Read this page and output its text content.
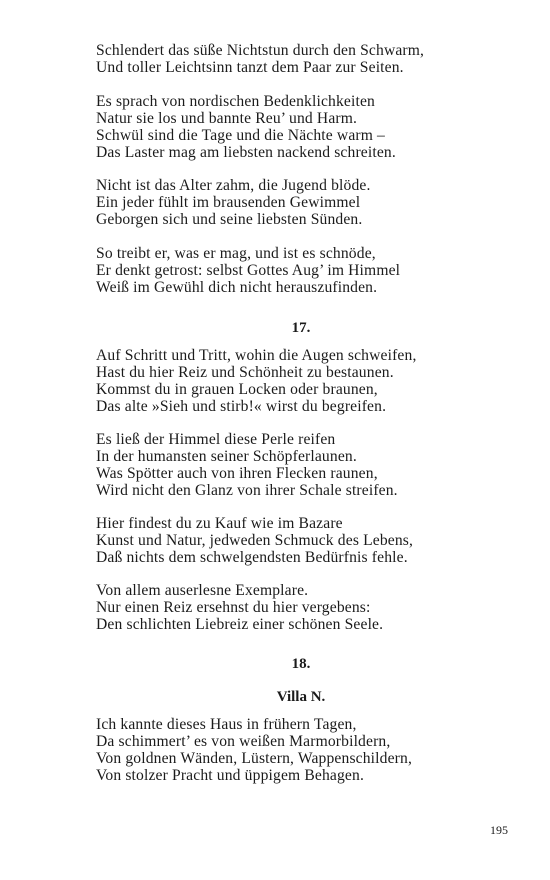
Schlendert das süße Nichtstun durch den Schwarm,
Und toller Leichtsinn tanzt dem Paar zur Seiten.
Es sprach von nordischen Bedenklichkeiten
Natur sie los und bannte Reu’ und Harm.
Schwül sind die Tage und die Nächte warm –
Das Laster mag am liebsten nackend schreiten.
Nicht ist das Alter zahm, die Jugend blöde.
Ein jeder fühlt im brausenden Gewimmel
Geborgen sich und seine liebsten Sünden.
So treibt er, was er mag, und ist es schnöde,
Er denkt getrost: selbst Gottes Aug’ im Himmel
Weiß im Gewühl dich nicht herauszufinden.
17.
Auf Schritt und Tritt, wohin die Augen schweifen,
Hast du hier Reiz und Schönheit zu bestaunen.
Kommst du in grauen Locken oder braunen,
Das alte »Sieh und stirb!« wirst du begreifen.
Es ließ der Himmel diese Perle reifen
In der humansten seiner Schöpferlaunen.
Was Spötter auch von ihren Flecken raunen,
Wird nicht den Glanz von ihrer Schale streifen.
Hier findest du zu Kauf wie im Bazare
Kunst und Natur, jedweden Schmuck des Lebens,
Daß nichts dem schwelgendsten Bedürfnis fehle.
Von allem auserlesne Exemplare.
Nur einen Reiz ersehnst du hier vergebens:
Den schlichten Liebreiz einer schönen Seele.
18.
Villa N.
Ich kannte dieses Haus in frühern Tagen,
Da schimmert’ es von weißen Marmorbildern,
Von goldnen Wänden, Lüstern, Wappenschildern,
Von stolzer Pracht und üppigem Behagen.
195
